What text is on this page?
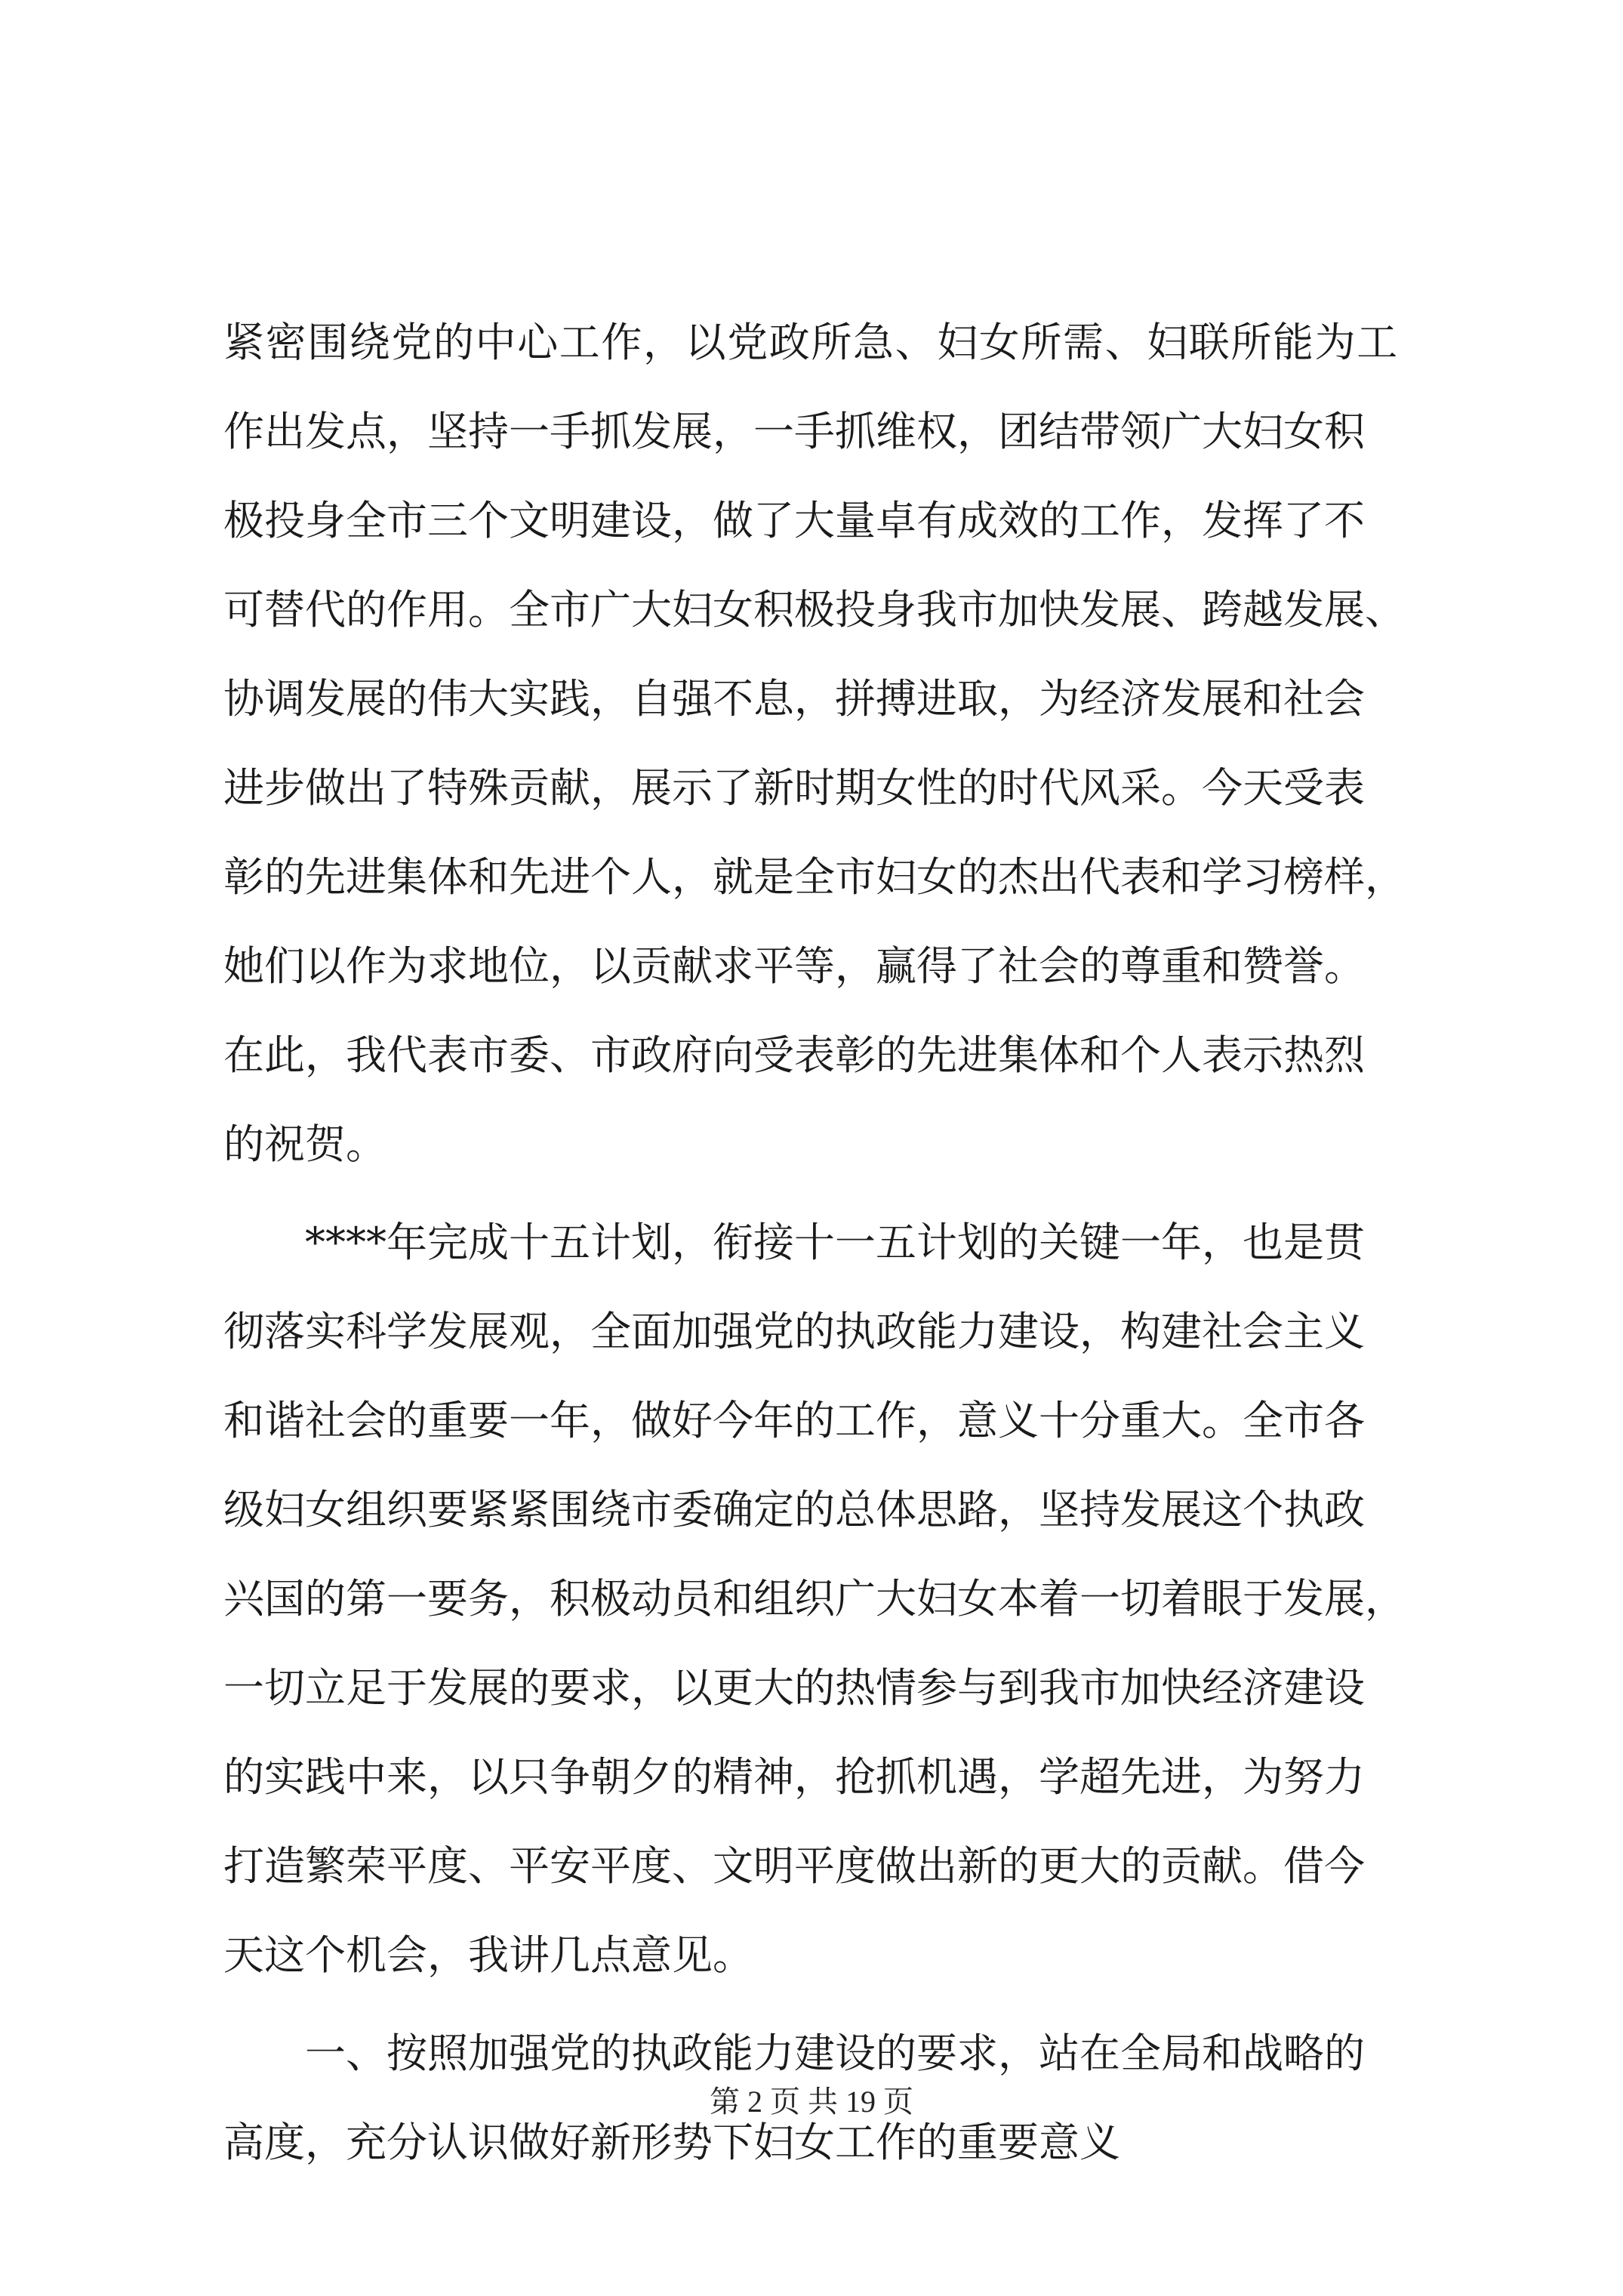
紧密围绕党的中心工作，以党政所急、妇女所需、妇联所能为工
作出发点，坚持一手抓发展，一手抓维权，团结带领广大妇女积
极投身全市三个文明建设，做了大量卓有成效的工作，发挥了不
可替代的作用。全市广大妇女积极投身我市加快发展、跨越发展、
协调发展的伟大实践，自强不息，拼搏进取，为经济发展和社会
进步做出了特殊贡献，展示了新时期女性的时代风采。今天受表
彰的先进集体和先进个人，就是全市妇女的杰出代表和学习榜样，
她们以作为求地位，以贡献求平等，赢得了社会的尊重和赞誉。
在此，我代表市委、市政府向受表彰的先进集体和个人表示热烈
的祝贺。
　　****年完成十五计划，衔接十一五计划的关键一年，也是贯
彻落实科学发展观，全面加强党的执政能力建设，构建社会主义
和谐社会的重要一年，做好今年的工作，意义十分重大。全市各
级妇女组织要紧紧围绕市委确定的总体思路，坚持发展这个执政
兴国的第一要务，积极动员和组织广大妇女本着一切着眼于发展，
一切立足于发展的要求，以更大的热情参与到我市加快经济建设
的实践中来，以只争朝夕的精神，抢抓机遇，学超先进，为努力
打造繁荣平度、平安平度、文明平度做出新的更大的贡献。借今
天这个机会，我讲几点意见。
　　一、按照加强党的执政能力建设的要求，站在全局和战略的
高度，充分认识做好新形势下妇女工作的重要意义
第 2 页 共 19 页
